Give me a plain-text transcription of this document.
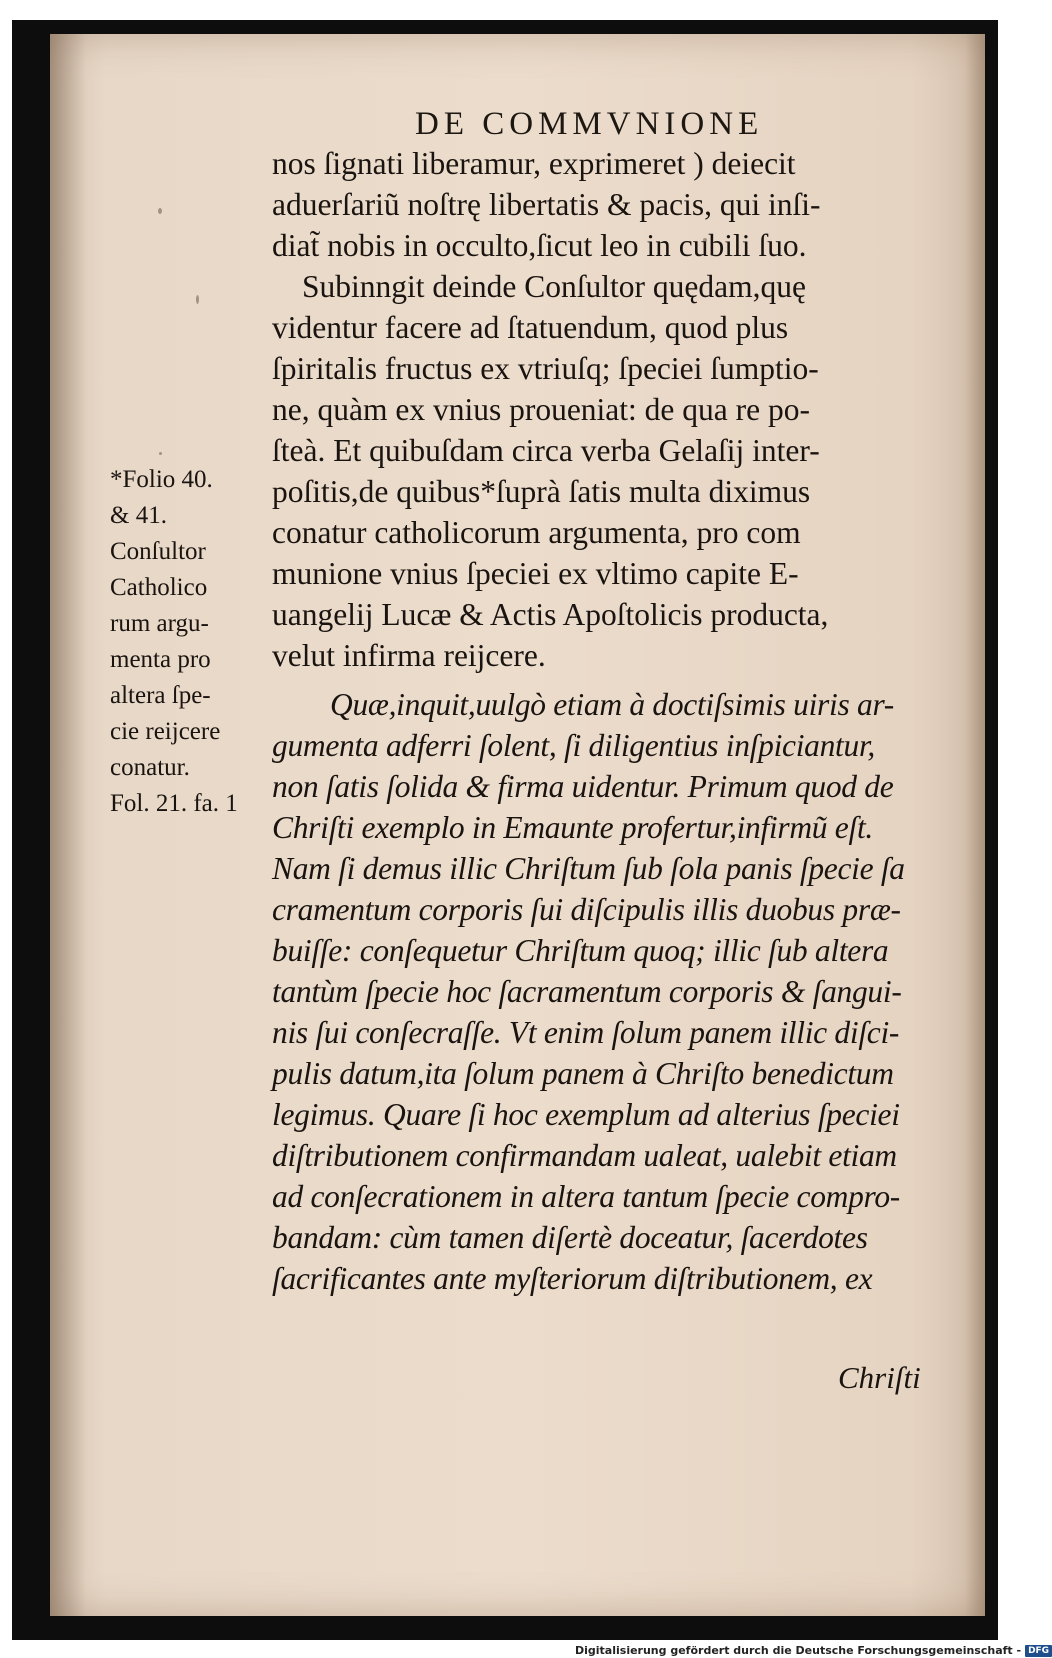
DE COMMVNIONE
nos ſignati liberamur, exprimeret ) deiecit
aduerſariũ noſtrę libertatis & pacis, qui inſi-
diat̃ nobis in occulto,ſicut leo in cubili ſuo.
Subinngit deinde Conſultor quędam,quę
videntur facere ad ſtatuendum, quod plus
ſpiritalis fructus ex vtriuſq; ſpeciei ſumptio-
ne, quàm ex vnius proueniat: de qua re po-
ſteà. Et quibuſdam circa verba Gelaſij inter-
poſitis,de quibus*ſuprà ſatis multa diximus
conatur catholicorum argumenta, pro com
munione vnius ſpeciei ex vltimo capite E-
uangelij Lucæ & Actis Apoſtolicis producta,
velut infirma reijcere.
Quæ,inquit,uulgò etiam à doctiſsimis uiris ar-
gumenta adferri ſolent, ſi diligentius inſpiciantur,
non ſatis ſolida & firma uidentur. Primum quod de
Chriſti exemplo in Emaunte profertur,infirmũ eſt.
Nam ſi demus illic Chriſtum ſub ſola panis ſpecie ſa
cramentum corporis ſui diſcipulis illis duobus præ-
buiſſe: conſequetur Chriſtum quoq; illic ſub altera
tantùm ſpecie hoc ſacramentum corporis & ſangui-
nis ſui conſecraſſe. Vt enim ſolum panem illic diſci-
pulis datum,ita ſolum panem à Chriſto benedictum
legimus. Quare ſi hoc exemplum ad alterius ſpeciei
diſtributionem confirmandam ualeat, ualebit etiam
ad conſecrationem in altera tantum ſpecie compro-
bandam: cùm tamen diſertè doceatur, ſacerdotes
ſacrificantes ante myſteriorum diſtributionem, ex
*Folio 40.
& 41.
Conſultor
Catholico
rum argu-
menta pro
altera ſpe-
cie reijcere
conatur.
Fol. 21. fa. 1
Chriſti
Digitalisierung gefördert durch die Deutsche Forschungsgemeinschaft - DFG
